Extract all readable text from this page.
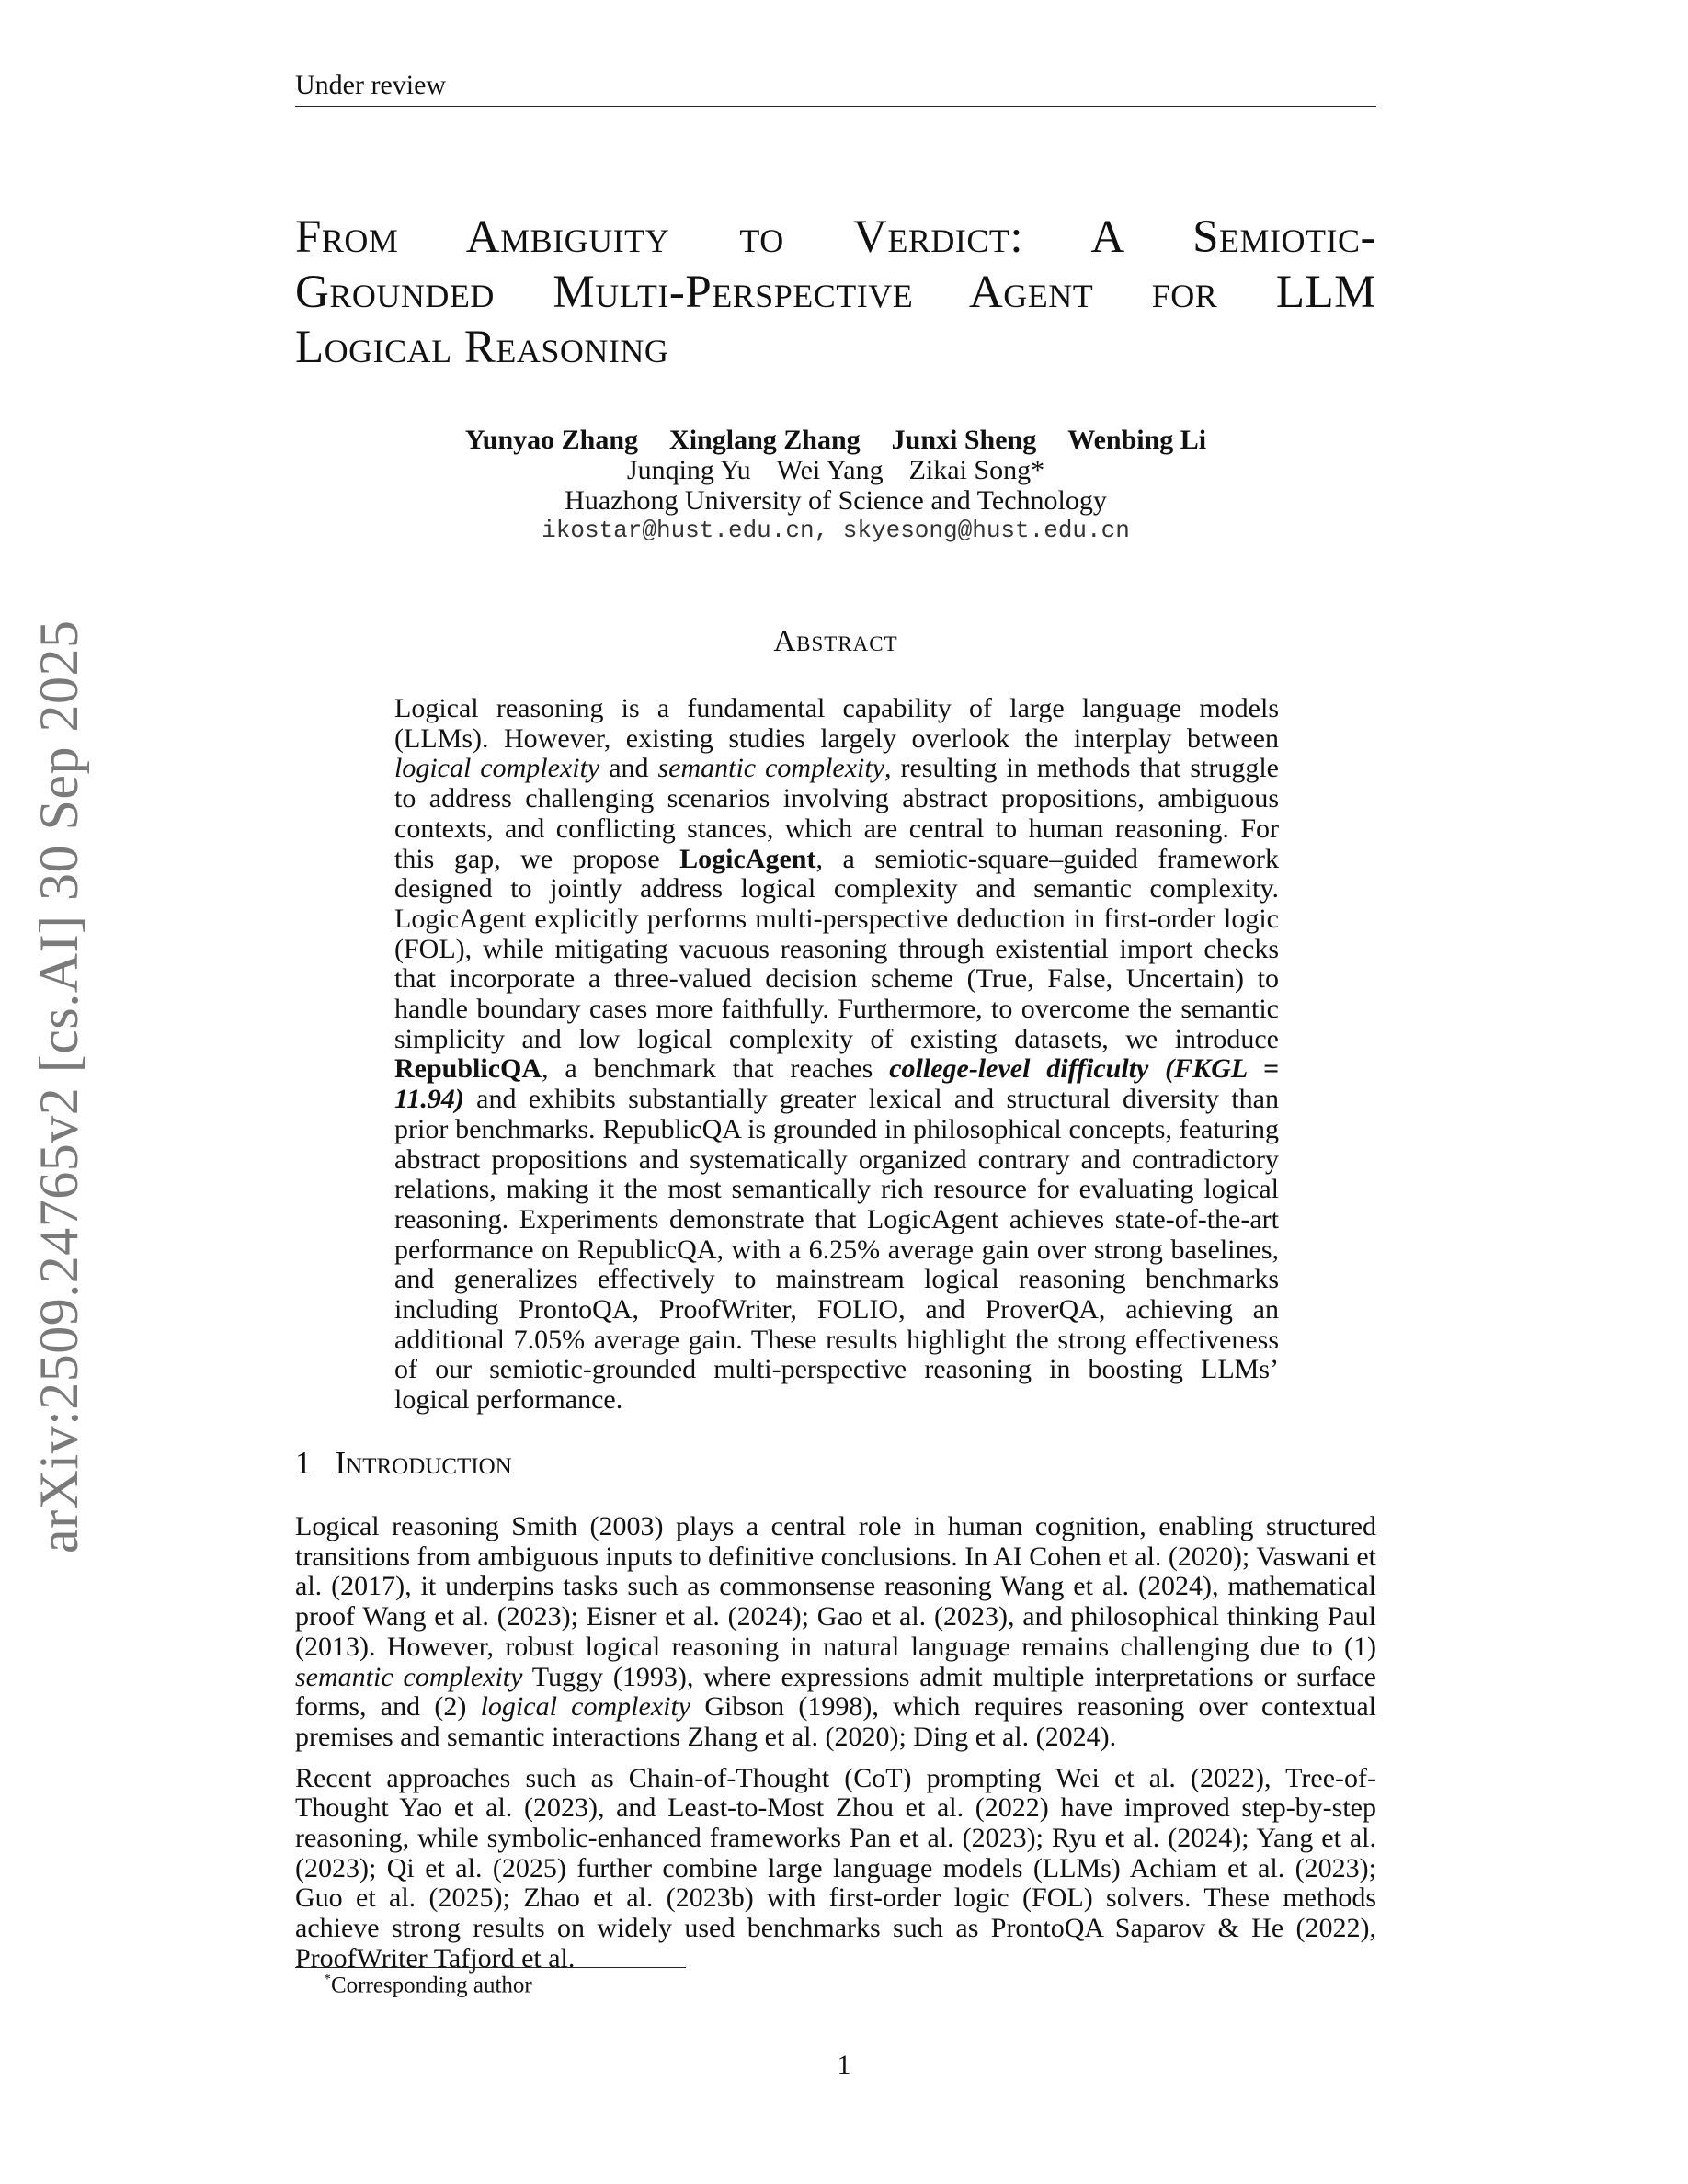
arXiv:2509.24765v2 [cs.AI] 30 Sep 2025
Under review
From Ambiguity to Verdict: A Semiotic-
Grounded Multi-Perspective Agent for LLM
Logical Reasoning
Yunyao Zhang Xinglang Zhang Junxi Sheng Wenbing Li
Junqing Yu Wei Yang Zikai Song*
Huazhong University of Science and Technology
ikostar@hust.edu.cn, skyesong@hust.edu.cn
Abstract
Logical reasoning is a fundamental capability of large language models (LLMs). However, existing studies largely overlook the interplay between logical complexity and semantic complexity, resulting in methods that struggle to address challenging scenarios involving abstract propositions, ambiguous contexts, and conflicting stances, which are central to human reasoning. For this gap, we propose LogicAgent, a semiotic-square–guided framework designed to jointly address logical complexity and semantic complexity. LogicAgent explicitly performs multi-perspective deduction in first-order logic (FOL), while mitigating vacuous reasoning through existential import checks that incorporate a three-valued decision scheme (True, False, Uncertain) to handle boundary cases more faithfully. Furthermore, to overcome the semantic simplicity and low logical complexity of existing datasets, we introduce RepublicQA, a benchmark that reaches college-level difficulty (FKGL = 11.94) and exhibits substantially greater lexical and structural diversity than prior benchmarks. RepublicQA is grounded in philosophical concepts, featuring abstract propositions and systematically organized contrary and contradictory relations, making it the most semantically rich resource for evaluating logical reasoning. Experiments demonstrate that LogicAgent achieves state-of-the-art performance on RepublicQA, with a 6.25% average gain over strong baselines, and generalizes effectively to mainstream logical reasoning benchmarks including ProntoQA, ProofWriter, FOLIO, and ProverQA, achieving an additional 7.05% average gain. These results highlight the strong effectiveness of our semiotic-grounded multi-perspective reasoning in boosting LLMs’ logical performance.
1 Introduction

Logical reasoning Smith (2003) plays a central role in human cognition, enabling structured transitions from ambiguous inputs to definitive conclusions. In AI Cohen et al. (2020); Vaswani et al. (2017), it underpins tasks such as commonsense reasoning Wang et al. (2024), mathematical proof Wang et al. (2023); Eisner et al. (2024); Gao et al. (2023), and philosophical thinking Paul (2013). However, robust logical reasoning in natural language remains challenging due to (1) semantic complexity Tuggy (1993), where expressions admit multiple interpretations or surface forms, and (2) logical complexity Gibson (1998), which requires reasoning over contextual premises and semantic interactions Zhang et al. (2020); Ding et al. (2024).

Recent approaches such as Chain-of-Thought (CoT) prompting Wei et al. (2022), Tree-of-Thought Yao et al. (2023), and Least-to-Most Zhou et al. (2022) have improved step-by-step reasoning, while symbolic-enhanced frameworks Pan et al. (2023); Ryu et al. (2024); Yang et al. (2023); Qi et al. (2025) further combine large language models (LLMs) Achiam et al. (2023); Guo et al. (2025); Zhao et al. (2023b) with first-order logic (FOL) solvers. These methods achieve strong results on widely used benchmarks such as ProntoQA Saparov & He (2022), ProofWriter Tafjord et al.

*Corresponding author
1
